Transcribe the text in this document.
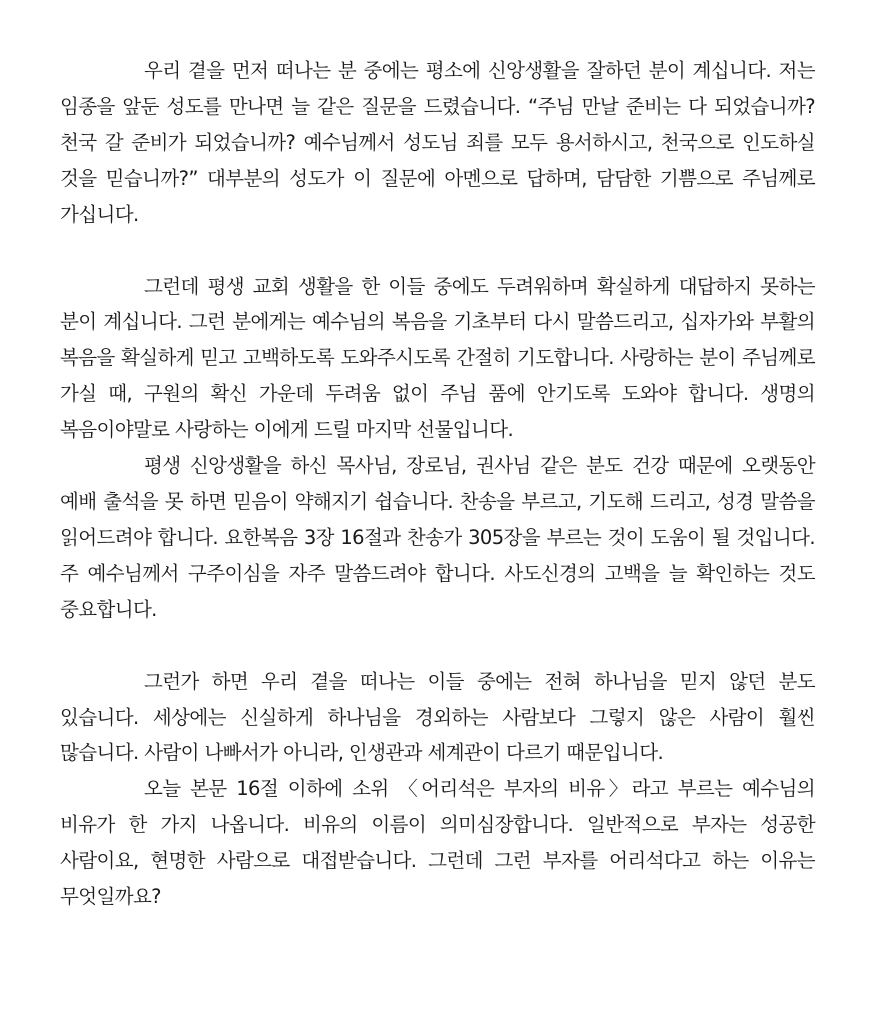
우리 곁을 먼저 떠나는 분 중에는 평소에 신앙생활을 잘하던 분이 계십니다. 저는 임종을 앞둔 성도를 만나면 늘 같은 질문을 드렸습니다. “주님 만날 준비는 다 되었습니까? 천국 갈 준비가 되었습니까? 예수님께서 성도님 죄를 모두 용서하시고, 천국으로 인도하실 것을 믿습니까?” 대부분의 성도가 이 질문에 아멘으로 답하며, 담담한 기쁨으로 주님께로 가십니다.

그런데 평생 교회 생활을 한 이들 중에도 두려워하며 확실하게 대답하지 못하는 분이 계십니다. 그런 분에게는 예수님의 복음을 기초부터 다시 말씀드리고, 십자가와 부활의 복음을 확실하게 믿고 고백하도록 도와주시도록 간절히 기도합니다. 사랑하는 분이 주님께로 가실 때, 구원의 확신 가운데 두려움 없이 주님 품에 안기도록 도와야 합니다. 생명의 복음이야말로 사랑하는 이에게 드릴 마지막 선물입니다.

평생 신앙생활을 하신 목사님, 장로님, 권사님 같은 분도 건강 때문에 오랫동안 예배 출석을 못 하면 믿음이 약해지기 쉽습니다. 찬송을 부르고, 기도해 드리고, 성경 말씀을 읽어드려야 합니다. 요한복음 3장 16절과 찬송가 305장을 부르는 것이 도움이 될 것입니다. 주 예수님께서 구주이심을 자주 말씀드려야 합니다. 사도신경의 고백을 늘 확인하는 것도 중요합니다.

그런가 하면 우리 곁을 떠나는 이들 중에는 전혀 하나님을 믿지 않던 분도 있습니다. 세상에는 신실하게 하나님을 경외하는 사람보다 그렇지 않은 사람이 훨씬 많습니다. 사람이 나빠서가 아니라, 인생관과 세계관이 다르기 때문입니다.

오늘 본문 16절 이하에 소위 〈어리석은 부자의 비유〉라고 부르는 예수님의 비유가 한 가지 나옵니다. 비유의 이름이 의미심장합니다. 일반적으로 부자는 성공한 사람이요, 현명한 사람으로 대접받습니다. 그런데 그런 부자를 어리석다고 하는 이유는 무엇일까요?
